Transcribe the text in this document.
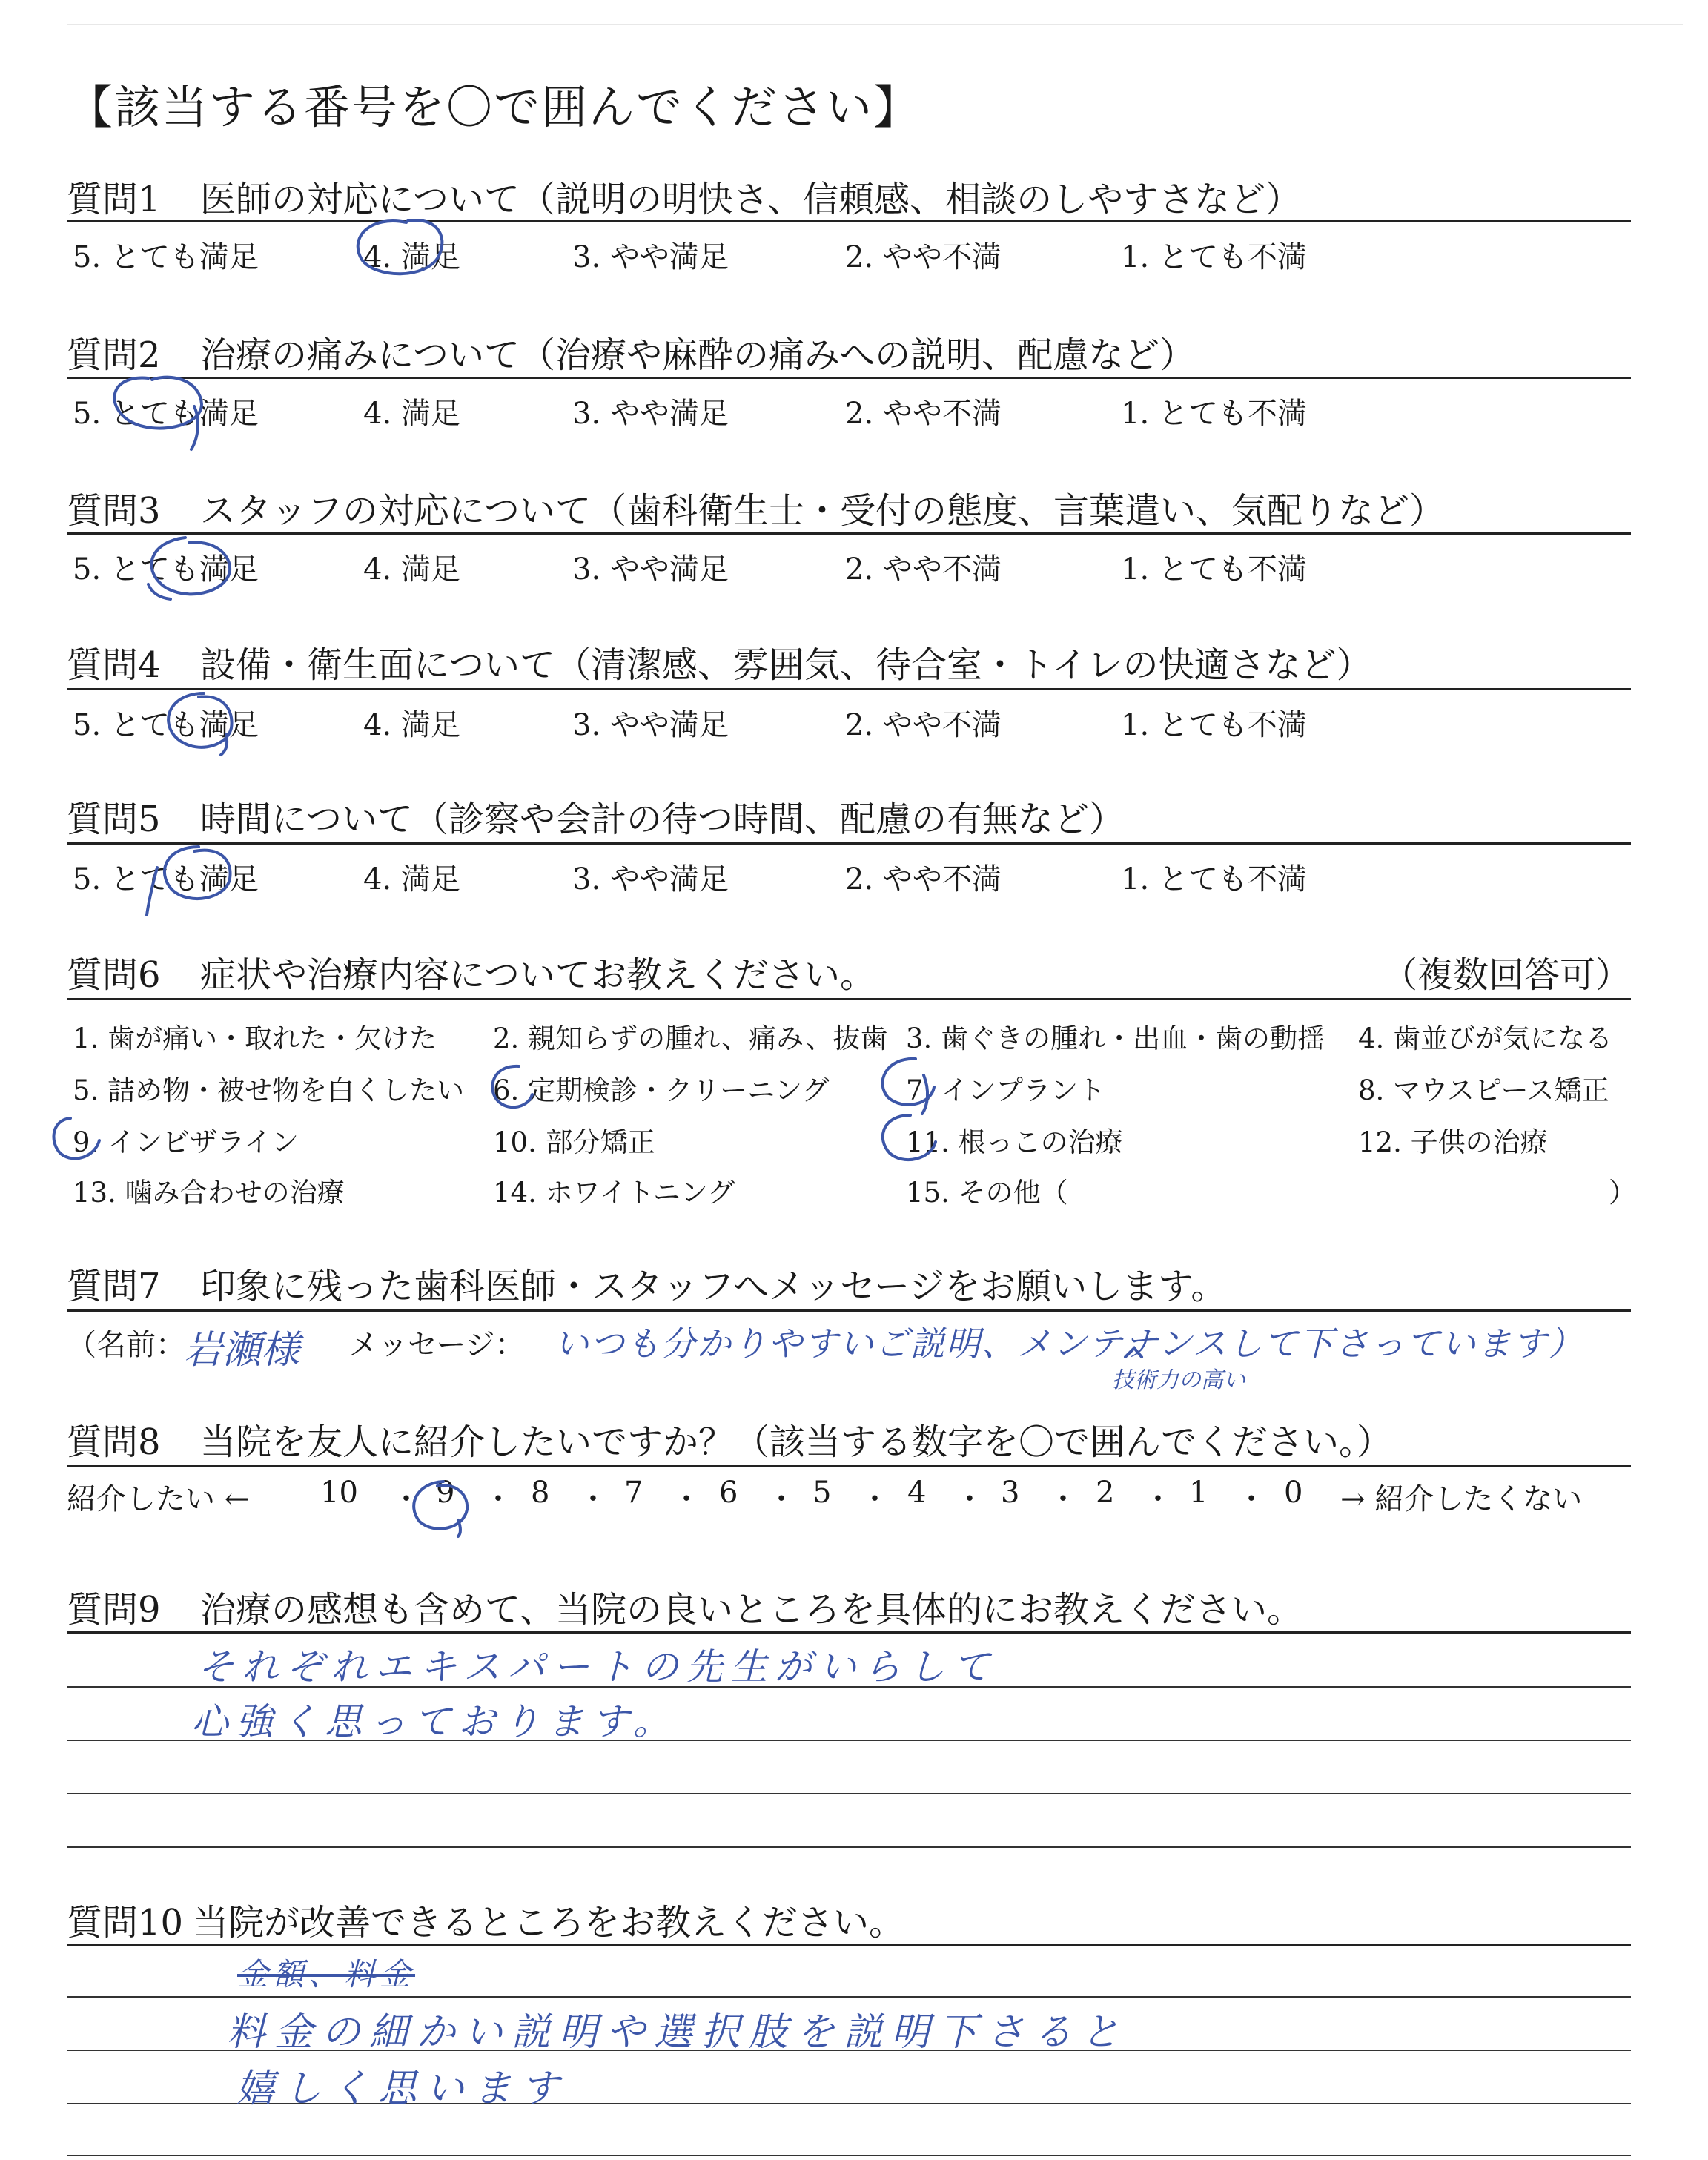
【該当する番号を〇で囲んでください】
質問1 医師の対応について（説明の明快さ、信頼感、相談のしやすさなど）
5. とても満足	4. 満足	3. やや満足	2. やや不満	1. とても不満
質問2 治療の痛みについて（治療や麻酔の痛みへの説明、配慮など）
5. とても満足	4. 満足	3. やや満足	2. やや不満	1. とても不満
質問3 スタッフの対応について（歯科衛生士・受付の態度、言葉遣い、気配りなど）
5. とても満足	4. 満足	3. やや満足	2. やや不満	1. とても不満
質問4 設備・衛生面について（清潔感、雰囲気、待合室・トイレの快適さなど）
5. とても満足	4. 満足	3. やや満足	2. やや不満	1. とても不満
質問5 時間について（診察や会計の待つ時間、配慮の有無など）
5. とても満足	4. 満足	3. やや満足	2. やや不満	1. とても不満
質問6 症状や治療内容についてお教えください。	（複数回答可）
1. 歯が痛い・取れた・欠けた 2. 親知らずの腫れ、痛み、抜歯 3. 歯ぐきの腫れ・出血・歯の動揺 4. 歯並びが気になる
5. 詰め物・被せ物を白くしたい 6. 定期検診・クリーニング	7. インプラント	8. マウスピース矯正
9. インビザライン	10. 部分矯正	11. 根っこの治療	12. 子供の治療
13. 噛み合わせの治療	14. ホワイトニング	15. その他（	）
質問7 印象に残った歯科医師・スタッフへメッセージをお願いします。
（名前：
岩瀬様 メッセージ： いつも分かりやすいご説明、メンテナンスして下さっています）
技術力の高い
質問8 当院を友人に紹介したいですか？（該当する数字を〇で囲んでください。）
紹介したい ← 10 ・ 9 ・ 8 ・ 7 ・ 6 ・ 5 ・ 4 ・ 3 ・ 2 ・ 1 ・ 0 → 紹介したくない
質問9 治療の感想も含めて、当院の良いところを具体的にお教えください。
それぞれエキスパートの先生がいらして
心強く思っております。
質問10 当院が改善できるところをお教えください。
金額、料金
料金の細かい説明や選択肢を説明下さると
嬉しく思います
